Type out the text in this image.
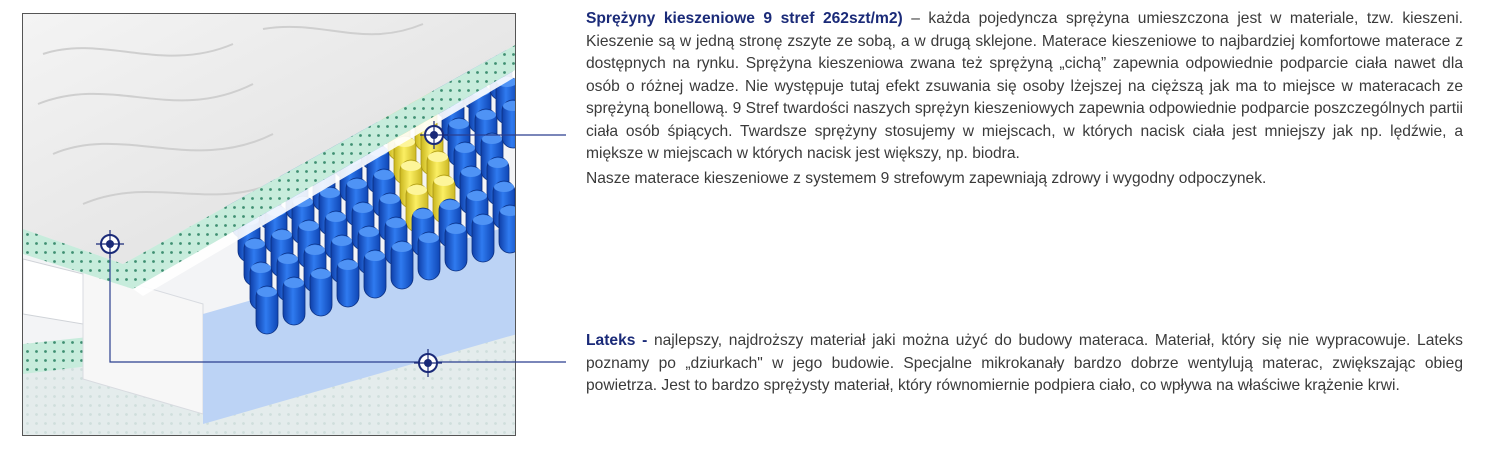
Sprężyny kieszeniowe 9 stref 262szt/m2) – każda pojedyncza sprężyna umieszczona jest w materiale, tzw. kieszeni. Kieszenie są w jedną stronę zszyte ze sobą, a w drugą sklejone. Materace kieszeniowe to najbardziej komfortowe materace z dostępnych na rynku. Sprężyna kieszeniowa zwana też sprężyną „cichą” zapewnia odpowiednie podparcie ciała nawet dla osób o różnej wadze. Nie występuje tutaj efekt zsuwania się osoby lżejszej na cięższą jak ma to miejsce w materacach ze sprężyną bonellową. 9 Stref twardości naszych sprężyn kieszeniowych zapewnia odpowiednie podparcie poszczególnych partii ciała osób śpiących. Twardsze sprężyny stosujemy w miejscach, w których nacisk ciała jest mniejszy jak np. lędźwie, a miększe w miejscach w których nacisk jest większy, np. biodra.

Nasze materace kieszeniowe z systemem 9 strefowym zapewniają zdrowy i wygodny odpoczynek.

Lateks - najlepszy, najdroższy materiał jaki można użyć do budowy materaca. Materiał, który się nie wypracowuje. Lateks poznamy po „dziurkach" w jego budowie. Specjalne mikrokanały bardzo dobrze wentylują materac, zwiększając obieg powietrza. Jest to bardzo sprężysty materiał, który równomiernie podpiera ciało, co wpływa na właściwe krążenie krwi.
